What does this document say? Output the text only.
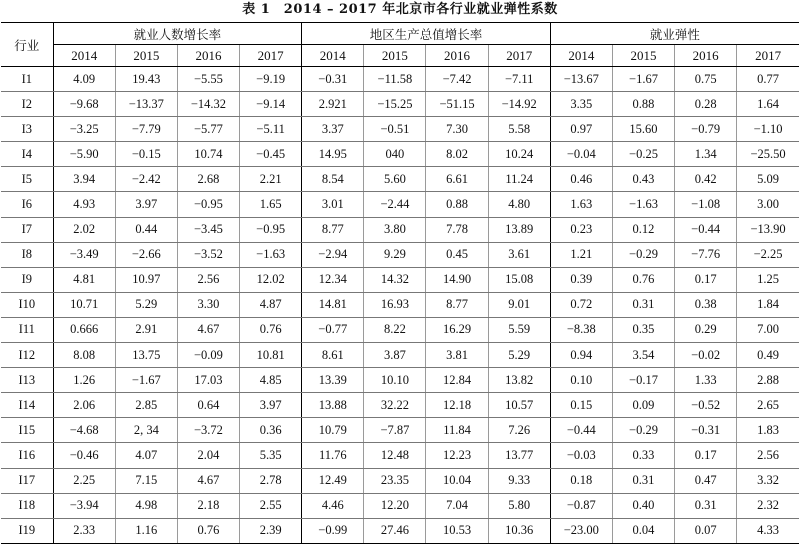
表 1　2014 – 2017 年北京市各行业就业弹性系数
行业	就业人数增长率				地区生产总值增长率				就业弹性			
	2014	2015	2016	2017	2014	2015	2016	2017	2014	2015	2016	2017
I1	4.09	19.43	−5.55	−9.19	−0.31	−11.58	−7.42	−7.11	−13.67	−1.67	0.75	0.77
I2	−9.68	−13.37	−14.32	−9.14	2.921	−15.25	−51.15	−14.92	3.35	0.88	0.28	1.64
I3	−3.25	−7.79	−5.77	−5.11	3.37	−0.51	7.30	5.58	0.97	15.60	−0.79	−1.10
I4	−5.90	−0.15	10.74	−0.45	14.95	040	8.02	10.24	−0.04	−0.25	1.34	−25.50
I5	3.94	−2.42	2.68	2.21	8.54	5.60	6.61	11.24	0.46	0.43	0.42	5.09
I6	4.93	3.97	−0.95	1.65	3.01	−2.44	0.88	4.80	1.63	−1.63	−1.08	3.00
I7	2.02	0.44	−3.45	−0.95	8.77	3.80	7.78	13.89	0.23	0.12	−0.44	−13.90
I8	−3.49	−2.66	−3.52	−1.63	−2.94	9.29	0.45	3.61	1.21	−0.29	−7.76	−2.25
I9	4.81	10.97	2.56	12.02	12.34	14.32	14.90	15.08	0.39	0.76	0.17	1.25
I10	10.71	5.29	3.30	4.87	14.81	16.93	8.77	9.01	0.72	0.31	0.38	1.84
I11	0.666	2.91	4.67	0.76	−0.77	8.22	16.29	5.59	−8.38	0.35	0.29	7.00
I12	8.08	13.75	−0.09	10.81	8.61	3.87	3.81	5.29	0.94	3.54	−0.02	0.49
I13	1.26	−1.67	17.03	4.85	13.39	10.10	12.84	13.82	0.10	−0.17	1.33	2.88
I14	2.06	2.85	0.64	3.97	13.88	32.22	12.18	10.57	0.15	0.09	−0.52	2.65
I15	−4.68	2, 34	−3.72	0.36	10.79	−7.87	11.84	7.26	−0.44	−0.29	−0.31	1.83
I16	−0.46	4.07	2.04	5.35	11.76	12.48	12.23	13.77	−0.03	0.33	0.17	2.56
I17	2.25	7.15	4.67	2.78	12.49	23.35	10.04	9.33	0.18	0.31	0.47	3.32
I18	−3.94	4.98	2.18	2.55	4.46	12.20	7.04	5.80	−0.87	0.40	0.31	2.32
I19	2.33	1.16	0.76	2.39	−0.99	27.46	10.53	10.36	−23.00	0.04	0.07	4.33
